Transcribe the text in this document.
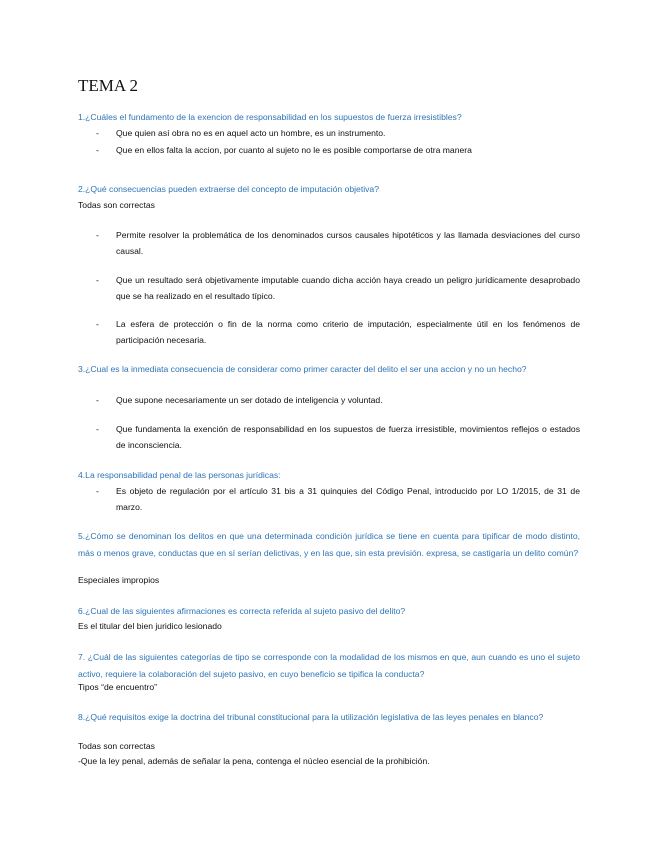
TEMA 2
1.¿Cuáles el fundamento de la exencion de responsabilidad en los supuestos de fuerza irresistibles?
-	Que quien así obra no es en aquel acto un hombre, es un instrumento.
-	Que en ellos falta la accion, por cuanto al sujeto no le es posible comportarse de otra manera
2.¿Qué consecuencias pueden extraerse del concepto de imputación objetiva?
Todas son correctas
-	Permite resolver la problemática de los denominados cursos causales hipotéticos y las llamada desviaciones del curso causal.
-	Que un resultado será objetivamente imputable cuando dicha acción haya creado un peligro jurídicamente desaprobado que se ha realizado en el resultado típico.
-	La esfera de protección o fin de la norma como criterio de imputación, especialmente útil en los fenómenos de participación necesaria.
3.¿Cual es la inmediata consecuencia de considerar como primer caracter del delito el ser una accion y no un hecho?
-	Que supone necesariamente un ser dotado de inteligencia y voluntad.
-	Que fundamenta la exención de responsabilidad en los supuestos de fuerza irresistible, movimientos reflejos o estados de inconsciencia.
4.La responsabilidad penal de las personas jurídicas:
-	Es objeto de regulación por el artículo 31 bis a 31 quinquies del Código Penal, introducido por LO 1/2015, de 31 de marzo.
5.¿Cómo se denominan los delitos en que una determinada condición jurídica se tiene en cuenta para tipificar de modo distinto, más o menos grave, conductas que en sí serían delictivas, y en las que, sin esta previsión. expresa, se castigaría un delito común?
Especiales impropios
6.¿Cual de las siguientes afirmaciones es correcta referida al sujeto pasivo del delito?
Es el titular del bien juridico lesionado
7. ¿Cuál de las siguientes categorías de tipo se corresponde con la modalidad de los mismos en que, aun cuando es uno el sujeto activo, requiere la colaboración del sujeto pasivo, en cuyo beneficio se tipifica la conducta?
Tipos “de encuentro”
8.¿Qué requisitos exige la doctrina del tribunal constitucional para la utilización legislativa de las leyes penales en blanco?
Todas son correctas
-Que la ley penal, además de señalar la pena, contenga el núcleo esencial de la prohibición.
